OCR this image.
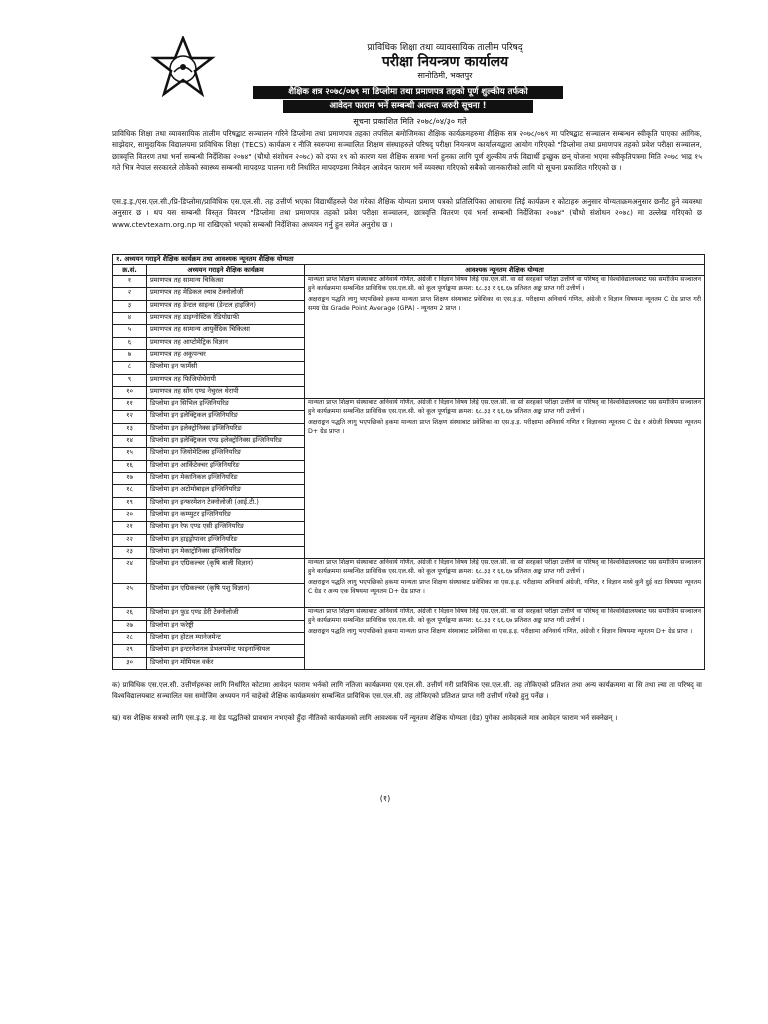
प्राविधिक शिक्षा तथा व्यावसायिक तालीम परिषद्
परीक्षा नियन्त्रण कार्यालय
सानोठिमी, भक्तपुर
शैक्षिक शत्र २०७८/०७९ मा डिप्लोमा तथा प्रमाणपत्र तहको पूर्ण शुल्कीय तर्फको
आवेदन फाराम भर्ने सम्बन्धी अत्यन्त जरुरी सूचना !
सूचना प्रकाशित मिति २०७८/०४/३० गते
प्राविधिक शिक्षा तथा व्यावसायिक तालीम परिषद्बाट सञ्चालन गरिने डिप्लोमा तथा प्रमाणपत्र तहका तपसिल बमोजिमका शैक्षिक कार्यक्रमहरुमा शैक्षिक सत्र २०७८/०७९ मा परिषद्बाट सञ्चालन सम्बन्धन स्वीकृति पाएका आंगिक, साझेदार, सामुदायिक विद्यालयमा प्राविधिक शिक्षा (TECS) कार्यक्रम र नीजि स्वरुपमा सञ्चालित शिक्षण संस्थाहरुले परिषद् परीक्षा नियन्त्रण कार्यालयद्वारा आयोग गरिएको "डिप्लोमा तथा प्रमाणपत्र तहको प्रवेश परीक्षा सञ्चालन, छात्रवृत्ति वितरण तथा भर्ना सम्बन्धी निर्देशिका २०७४" (चौथो संशोधन २०७८) को दफा १९ को कारण यस शैक्षिक सत्रमा भर्ना हुनका लागि पूर्ण शुल्कीय तर्फ विद्यार्थी इच्छुक छन् योजना भएमा स्वीकृतिपत्रमा मिति २०७८ भाद्र १५ गते भित्र नेपाल सरकारले तोकेको स्वास्थ्य सम्बन्धी मापदण्ड पालना गरी निर्धारित मापदण्डमा निवेदन आवेदन फाराम भर्ने व्यवस्था गरिएको सबैको जानकारीको लागि यो सूचना प्रकाशित गरिएको छ ।
एस.इ.इ./एस.एल.सी./प्रि-डिप्लोमा/प्राविधिक एस.एल.सी. तह उत्तीर्ण भएका विद्यार्थीहरुले पेश गरेका शैक्षिक योग्यता प्रमाण पत्रको प्रतिलिपिका आधारमा लिई कार्यक्रम र कोटाहरु अनुसार योग्यताक्रमअनुसार छनौट हुने व्यवस्था अनुसार छ । थप यस सम्बन्धी विस्तृत विवरण "डिप्लोमा तथा प्रमाणपत्र तहको प्रवेश परीक्षा सञ्चालन, छात्रवृत्ति वितरण एवं भर्ना सम्बन्धी निर्देशिका २०७४" (चौथो संशोधन २०७८) मा उल्लेख गरिएको छ www.ctevtexam.org.np मा राखिएको भएको सम्बन्धी निर्देशिका अध्ययन गर्नु हुन समेत अनुरोध छ ।
१. अध्ययन गराइने शैक्षिक कार्यक्रम तथा आवश्यक न्यूनतम शैक्षिक योग्यता		
क्र.सं.	अध्ययन गराइने शैक्षिक कार्यक्रम	आवश्यक न्यूनतम शैक्षिक योग्यता
१	प्रमाणपत्र तह सामान्य चिकित्सा	मान्यता प्राप्त शिक्षण संस्थाबाट अनिवार्य गणित, अंग्रेजी र विज्ञान विषय लिई एस.एल.सी. वा सो सरहको परीक्षा उत्तीर्ण वा परिषद् वा विश्वविद्यालयबाट यस समोजिम सञ्चालन हुने कार्यक्रममा सम्बन्धित प्राविधिक एस.एल.सी. को कूल पूर्णाङ्कमा क्रमश: ६८.३३ र ६६.६७ प्रतिशत अङ्क प्राप्त गरी उत्तीर्ण ।
अक्षराङ्कन पद्धति लागु भएपछिको हकमा मान्यता प्राप्त शिक्षण संस्थाबाट प्रवेशिका वा एस.इ.इ. परीक्षामा अनिवार्य गणित, अंग्रेजी र विज्ञान विषयमा न्यूनतम C ग्रेड प्राप्त गरी समग्र ग्रेड Grade Point Average (GPA) - न्यूनतम 2 प्राप्त ।

२	प्रमाणपत्र तह मेडिकल ल्याब टेक्नोलोजी	
३	प्रमाणपत्र तह डेन्टल साइन्स (डेन्टल हाइजिन)	
४	प्रमाणपत्र तह डाइग्नोस्टिक रेडियोग्राफी	
५	प्रमाणपत्र तह सामान्य आयुर्वेदिक चिकित्सा	
६	प्रमाणपत्र तह आप्टोमेट्रिक विज्ञान	
७	प्रमाणपत्र तह अकुपन्चर	
८	डिप्लोमा इन फार्मेसी	
९	प्रमाणपत्र तह फिजियोथेरापी	
१०	प्रमाणपत्र तह सोंग एण्ड नेचुरल थेरापी	
११	डिप्लोमा इन सिभिल इन्जिनियरिङ	मान्यता प्राप्त शिक्षण संस्थाबाट अनिवार्य गणित, अंग्रेजी र विज्ञान विषय लिई एस.एल.सी. वा सो सरहको परीक्षा उत्तीर्ण वा परिषद् वा विश्वविद्यालयबाट यस समोजिम सञ्चालन हुने कार्यक्रममा सम्बन्धित प्राविधिक एस.एल.सी. को कूल पूर्णाङ्कमा क्रमश: ६८.३३ र ६६.६७ प्रतिशत अङ्क प्राप्त गरी उत्तीर्ण ।
अक्षराङ्कन पद्धति लागु भएपछिको हकमा मान्यता प्राप्त शिक्षण संस्थाबाट प्रवेशिका वा एस.इ.इ. परीक्षामा अनिवार्य गणित र विज्ञानमा न्यूनतम C ग्रेड र अंग्रेजी विषयमा न्यूनतम D+ ग्रेड प्राप्त ।

१२	डिप्लोमा इन इलेक्ट्रिकल इन्जिनियरिङ	
१३	डिप्लोमा इन इलेक्ट्रोनिक्स इन्जिनियरिङ	
१४	डिप्लोमा इन इलेक्ट्रिकल एण्ड इलेक्ट्रोनिक्स इन्जिनियरिङ	
१५	डिप्लोमा इन जियोमेटिक्स इन्जिनियरिङ	
१६	डिप्लोमा इन आर्किटेक्चर इन्जिनियरिङ	
१७	डिप्लोमा इन मेकानिकल इन्जिनियरिङ	
१८	डिप्लोमा इन अटोमोबाइल इन्जिनियरिङ	
१९	डिप्लोमा इन इन्फरमेशन टेक्नोलोजी (आई.टी.)	
२०	डिप्लोमा इन कम्प्युटर इन्जिनियरिङ	
२१	डिप्लोमा इन रेफ एण्ड एसी इन्जिनियरिङ	
२२	डिप्लोमा इन हाइड्रोपावर इन्जिनियरिङ	
२३	डिप्लोमा इन मेकाट्रोनिक्स इन्जिनियरिङ	
२४	डिप्लोमा इन एग्रिकल्चर (कृषि बाली विज्ञान)	मान्यता प्राप्त शिक्षण संस्थाबाट अनिवार्य गणित, अंग्रेजी र विज्ञान विषय लिई एस.एल.सी. वा सो सरहको परीक्षा उत्तीर्ण वा परिषद् वा विश्वविद्यालयबाट यस समोजिम सञ्चालन हुने कार्यक्रममा सम्बन्धित प्राविधिक एस.एल.सी. को कूल पूर्णाङ्कमा क्रमश: ६८.३३ र ६६.६७ प्रतिशत अङ्क प्राप्त गरी उत्तीर्ण ।
अक्षराङ्कन पद्धति लागु भएपछिको हकमा मान्यता प्राप्त शिक्षण संस्थाबाट प्रवेशिका वा एस.इ.इ. परीक्षामा अनिवार्य अंग्रेजी, गणित, र विज्ञान मध्ये कुनै दुई वटा विषयमा न्यूनतम C ग्रेड र अन्य एक विषयमा न्यूनतम D+ ग्रेड प्राप्त ।

२५	डिप्लोमा इन एग्रिकल्चर (कृषि पशु विज्ञान)	
२६	डिप्लोमा इन फुड एण्ड डेरी टेक्नोलोजी	मान्यता प्राप्त शिक्षण संस्थाबाट अनिवार्य गणित, अंग्रेजी र विज्ञान विषय लिई एस.एल.सी. वा सो सरहको परीक्षा उत्तीर्ण वा परिषद् वा विश्वविद्यालयबाट यस समोजिम सञ्चालन हुने कार्यक्रममा सम्बन्धित प्राविधिक एस.एल.सी. को कूल पूर्णाङ्कमा क्रमश: ६८.३३ र ६६.६७ प्रतिशत अङ्क प्राप्त गरी उत्तीर्ण ।
अक्षराङ्कन पद्धति लागु भएपछिको हकमा मान्यता प्राप्त शिक्षण संस्थाबाट प्रवेशिका वा एस.इ.इ. परीक्षामा अनिवार्य गणित, अंग्रेजी र विज्ञान विषयमा न्यूनतम D+ ग्रेड प्राप्त ।

२७	डिप्लोमा इन फरेष्ट्री	
२८	डिप्लोमा इन होटल म्यानेजमेन्ट	
२९	डिप्लोमा इन इन्टरनेशनल डेभलपमेन्ट फाइनान्सियल	
३०	डिप्लोमा इन मोमियल वर्कर	
क) प्राविधिक एस.एल.सी. उत्तीर्णहरुका लागि निर्धारित कोटामा आवेदन फाराम भर्नको लागि नतिजा कार्यक्रममा एस.एल.सी. उत्तीर्ण गरी प्राविधिक एस.एल.सी. तह तोकिएको प्रतिशत तथा अन्य कार्यक्रममा वा सि तथा ल्या ता परिषद् वा विश्वविद्यालयबाट सञ्चालित यस समोजिम अध्ययन गर्न चाहेको शैक्षिक कार्यक्रमसंग सम्बन्धित प्राविधिक एस.एल.सी. तह तोकिएको प्रतिशत प्राप्त गरी उत्तीर्ण गरेको हुनु पर्नेछ ।
ख) यस शैक्षिक सत्रको लागि एस.इ.इ. मा ग्रेड पद्धतिको प्रावधान नभएको हुँदा नीतिको कार्यक्रमको लागि आवश्यक पर्ने न्यूनतम शैक्षिक योग्यता (ग्रेड) पुगेका आवेदकले मात्र आवेदन फाराम भर्न सक्नेछन् ।
(१)
